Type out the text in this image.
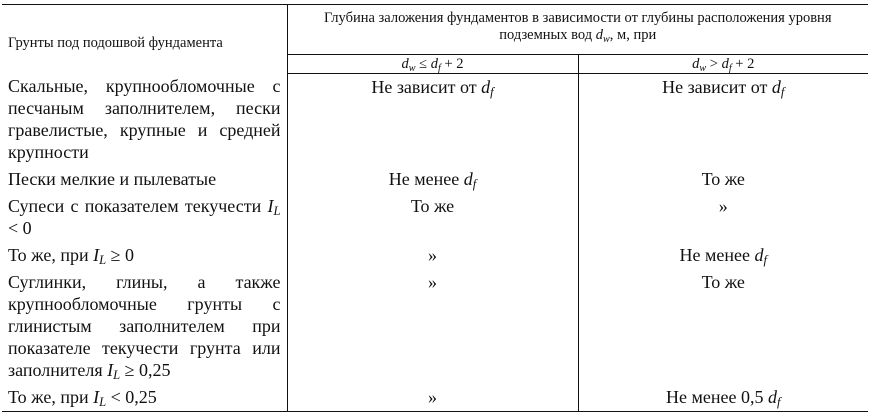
Грунты под подошвой фундамента	Глубина заложения фундаментов в зависимости от глубины расположения уровня подземных вод $d_w$, м, при	
	$d_w \le d_f + 2$	$d_w > d_f + 2$
Скальные, крупнообломочные с песчаным заполнителем, пески гравелистые, крупные и средней крупности	Не зависит от $d_f$	Не зависит от $d_f$
Пески мелкие и пылеватые	Не менее $d_f$	То же
Супеси с показателем текучести $I_L < 0$	То же	»
То же, при $I_L \ge 0$	»	Не менее $d_f$
Суглинки, глины, а также крупнообломочные грунты с глинистым заполнителем при показателе текучести грунта или заполнителя $I_L \ge 0,25$	»	То же
То же, при $I_L < 0,25$	»	Не менее 0,5 $d_f$
